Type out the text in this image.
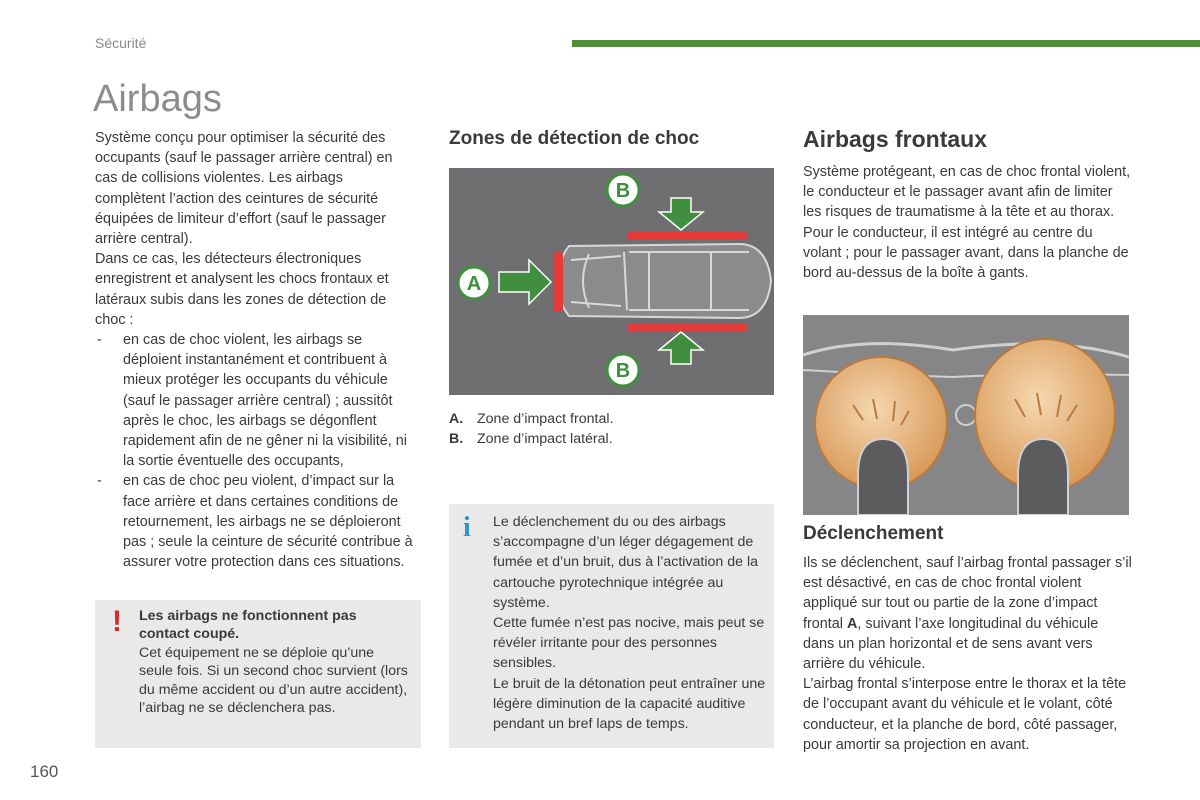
Sécurité
Airbags

Système conçu pour optimiser la sécurité des occupants (sauf le passager arrière central) en cas de collisions violentes. Les airbags complètent l’action des ceintures de sécurité équipées de limiteur d’effort (sauf le passager arrière central).

Dans ce cas, les détecteurs électroniques enregistrent et analysent les chocs frontaux et latéraux subis dans les zones de détection de choc :

- en cas de choc violent, les airbags se déploient instantanément et contribuent à mieux protéger les occupants du véhicule (sauf le passager arrière central) ; aussitôt après le choc, les airbags se dégonflent rapidement afin de ne gêner ni la visibilité, ni la sortie éventuelle des occupants,
- en cas de choc peu violent, d’impact sur la face arrière et dans certaines conditions de retournement, les airbags ne se déploieront pas ; seule la ceinture de sécurité contribue à assurer votre protection dans ces situations.
! Les airbags ne fonctionnent pas contact coupé.
Cet équipement ne se déploie qu’une seule fois. Si un second choc survient (lors du même accident ou d’un autre accident), l’airbag ne se déclenchera pas.
Zones de détection de choc
A
B
B
A. Zone d’impact frontal.
B. Zone d’impact latéral.
i Le déclenchement du ou des airbags s’accompagne d’un léger dégagement de fumée et d’un bruit, dus à l’activation de la cartouche pyrotechnique intégrée au système.

Cette fumée n’est pas nocive, mais peut se révéler irritante pour des personnes sensibles.

Le bruit de la détonation peut entraîner une légère diminution de la capacité auditive pendant un bref laps de temps.

Airbags frontaux

Système protégeant, en cas de choc frontal violent, le conducteur et le passager avant afin de limiter les risques de traumatisme à la tête et au thorax.

Pour le conducteur, il est intégré au centre du volant ; pour le passager avant, dans la planche de bord au-dessus de la boîte à gants.

Déclenchement

Ils se déclenchent, sauf l’airbag frontal passager s’il est désactivé, en cas de choc frontal violent appliqué sur tout ou partie de la zone d’impact frontal A, suivant l’axe longitudinal du véhicule dans un plan horizontal et de sens avant vers arrière du véhicule.

L’airbag frontal s’interpose entre le thorax et la tête de l’occupant avant du véhicule et le volant, côté conducteur, et la planche de bord, côté passager, pour amortir sa projection en avant.

160
